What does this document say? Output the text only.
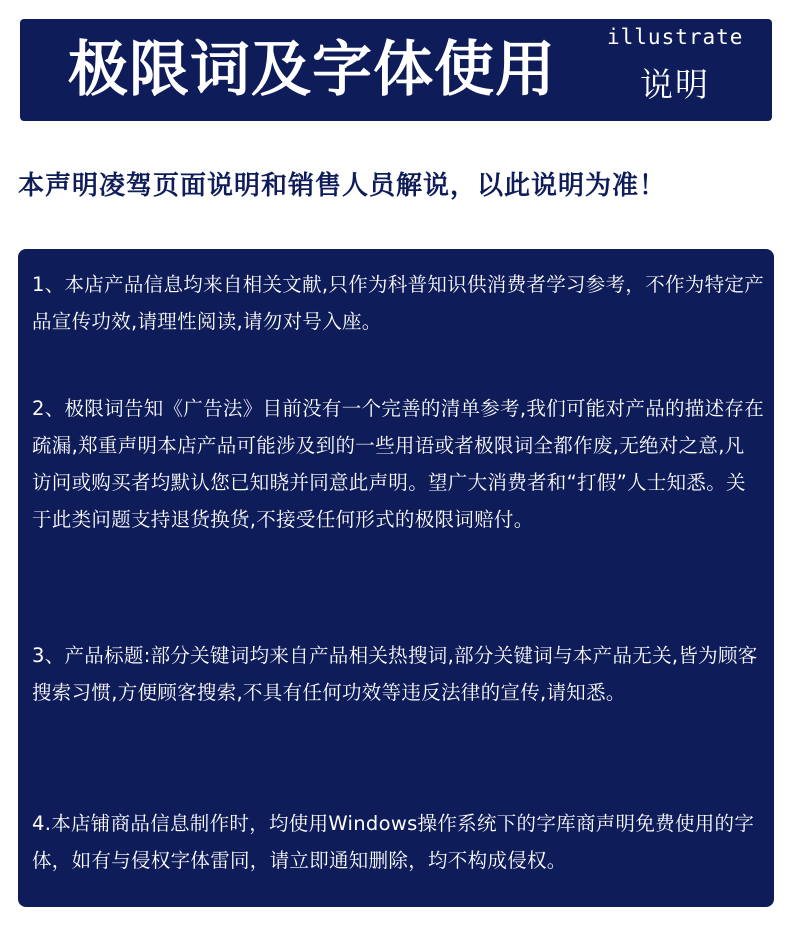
极限词及字体使用 illustrate
说明
本声明凌驾页面说明和销售人员解说，以此说明为准！

1、本店产品信息均来自相关文献,只作为科普知识供消费者学习参考，不作为特定产品宣传功效,请理性阅读,请勿对号入座。

2、极限词告知《广告法》目前没有一个完善的清单参考,我们可能对产品的描述存在疏漏,郑重声明本店产品可能涉及到的一些用语或者极限词全都作废,无绝对之意,凡访问或购买者均默认您已知晓并同意此声明。望广大消费者和“打假”人士知悉。关于此类问题支持退货换货,不接受任何形式的极限词赔付。

3、产品标题:部分关键词均来自产品相关热搜词,部分关键词与本产品无关,皆为顾客搜索习惯,方便顾客搜索,不具有任何功效等违反法律的宣传,请知悉。

4.本店铺商品信息制作时，均使用Windows操作系统下的字库商声明免费使用的字体，如有与侵权字体雷同，请立即通知删除，均不构成侵权。
